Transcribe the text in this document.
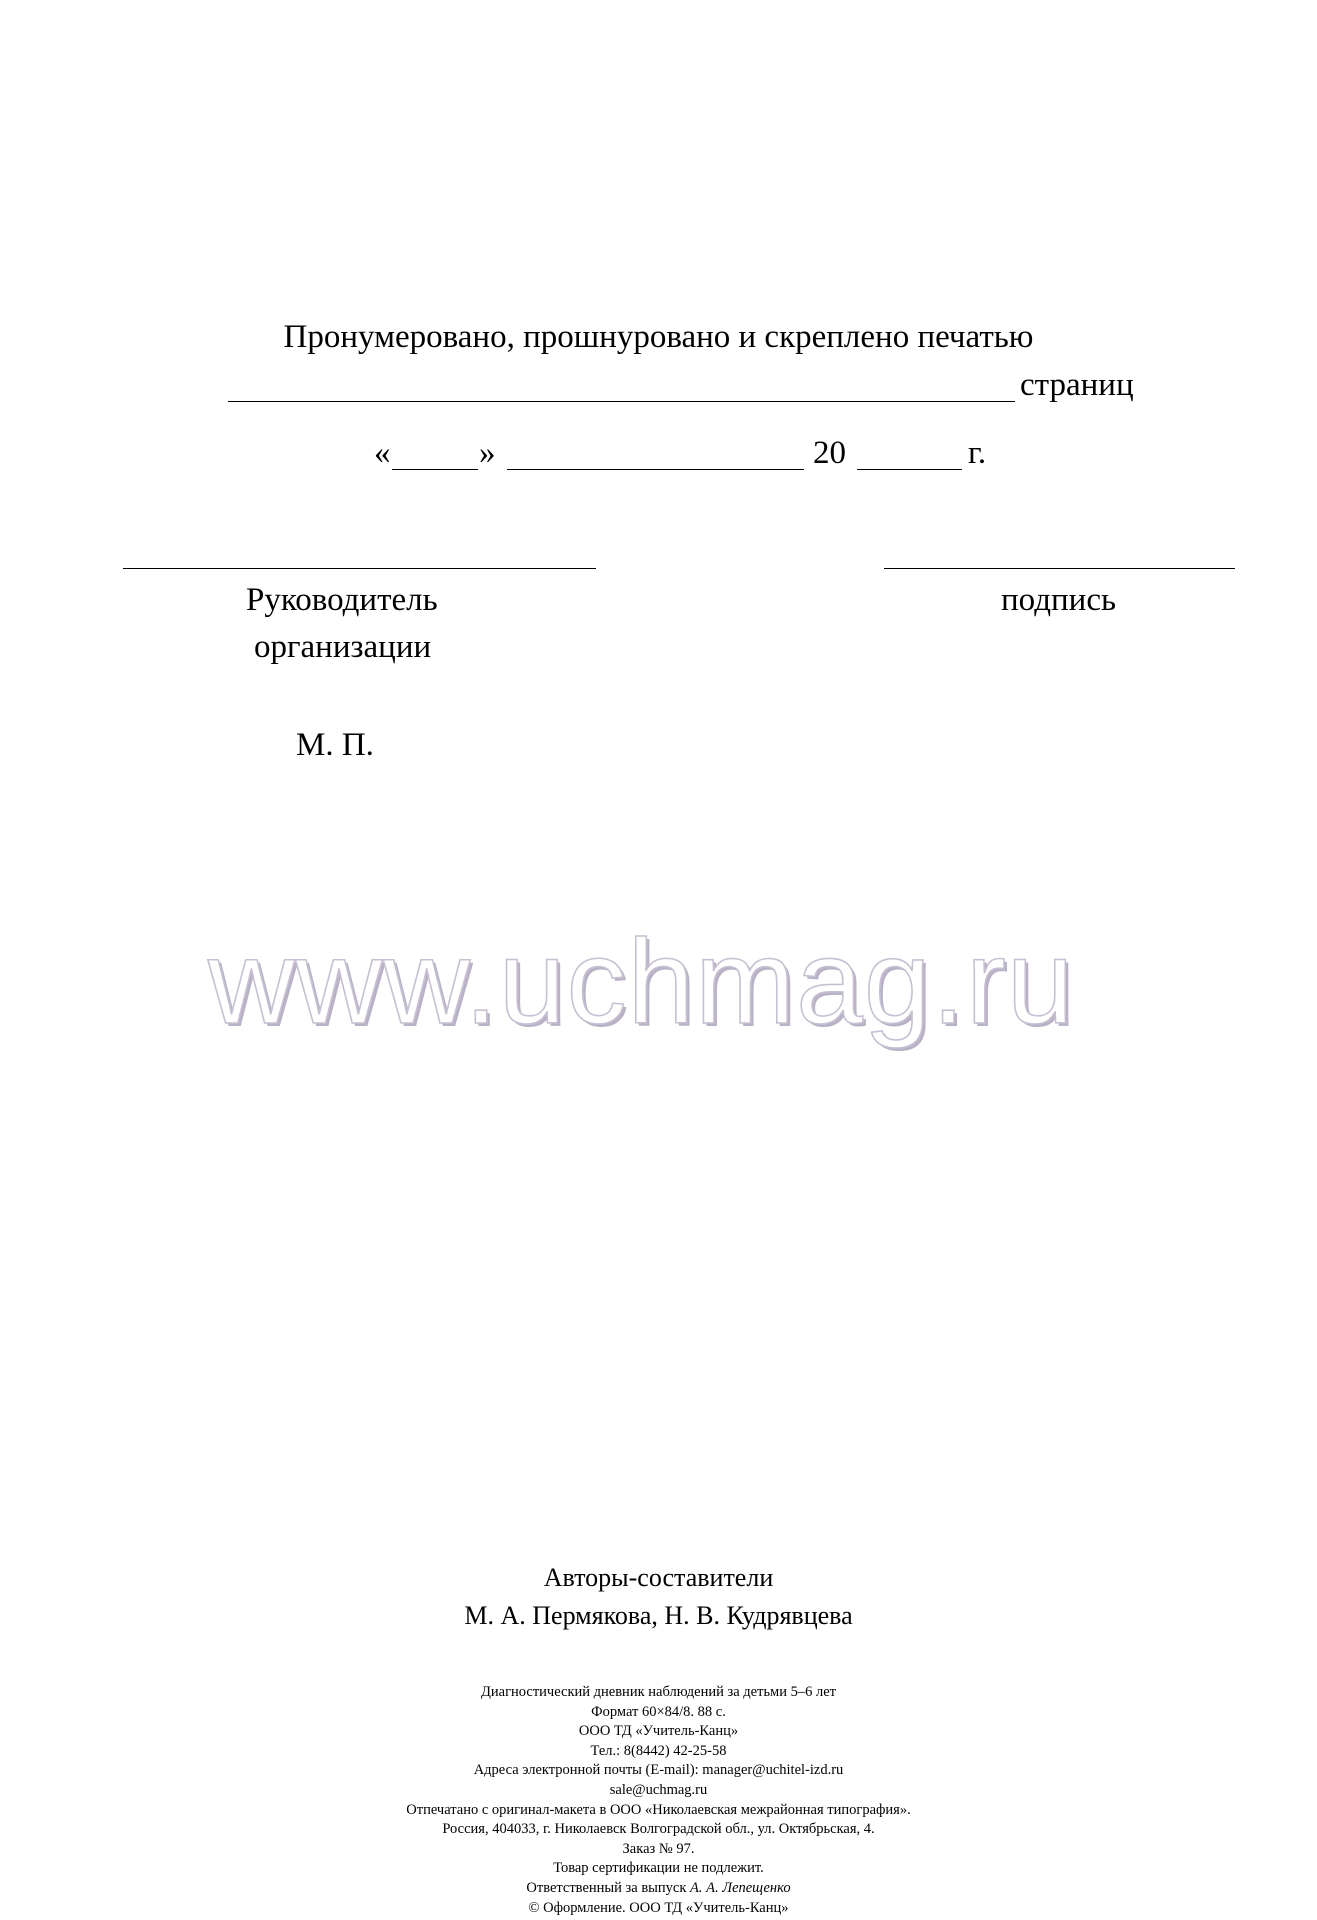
Пронумеровано, прошнуровано и скреплено печатью
страниц
«	»	20	г.
Руководитель
организации
подпись
М. П.
www.uchmag.ru
Авторы-составители
М. А. Пермякова, Н. В. Кудрявцева
Диагностический дневник наблюдений за детьми 5–6 лет
Формат 60×84/8. 88 с.
ООО ТД «Учитель-Канц»
Тел.: 8(8442) 42-25-58
Адреса электронной почты (E-mail): manager@uchitel-izd.ru
sale@uchmag.ru
Отпечатано с оригинал-макета в ООО «Николаевская межрайонная типография».
Россия, 404033, г. Николаевск Волгоградской обл., ул. Октябрьская, 4.
Заказ № 97.
Товар сертификации не подлежит.
Ответственный за выпуск А. А. Лепещенко
© Оформление. ООО ТД «Учитель-Канц»
